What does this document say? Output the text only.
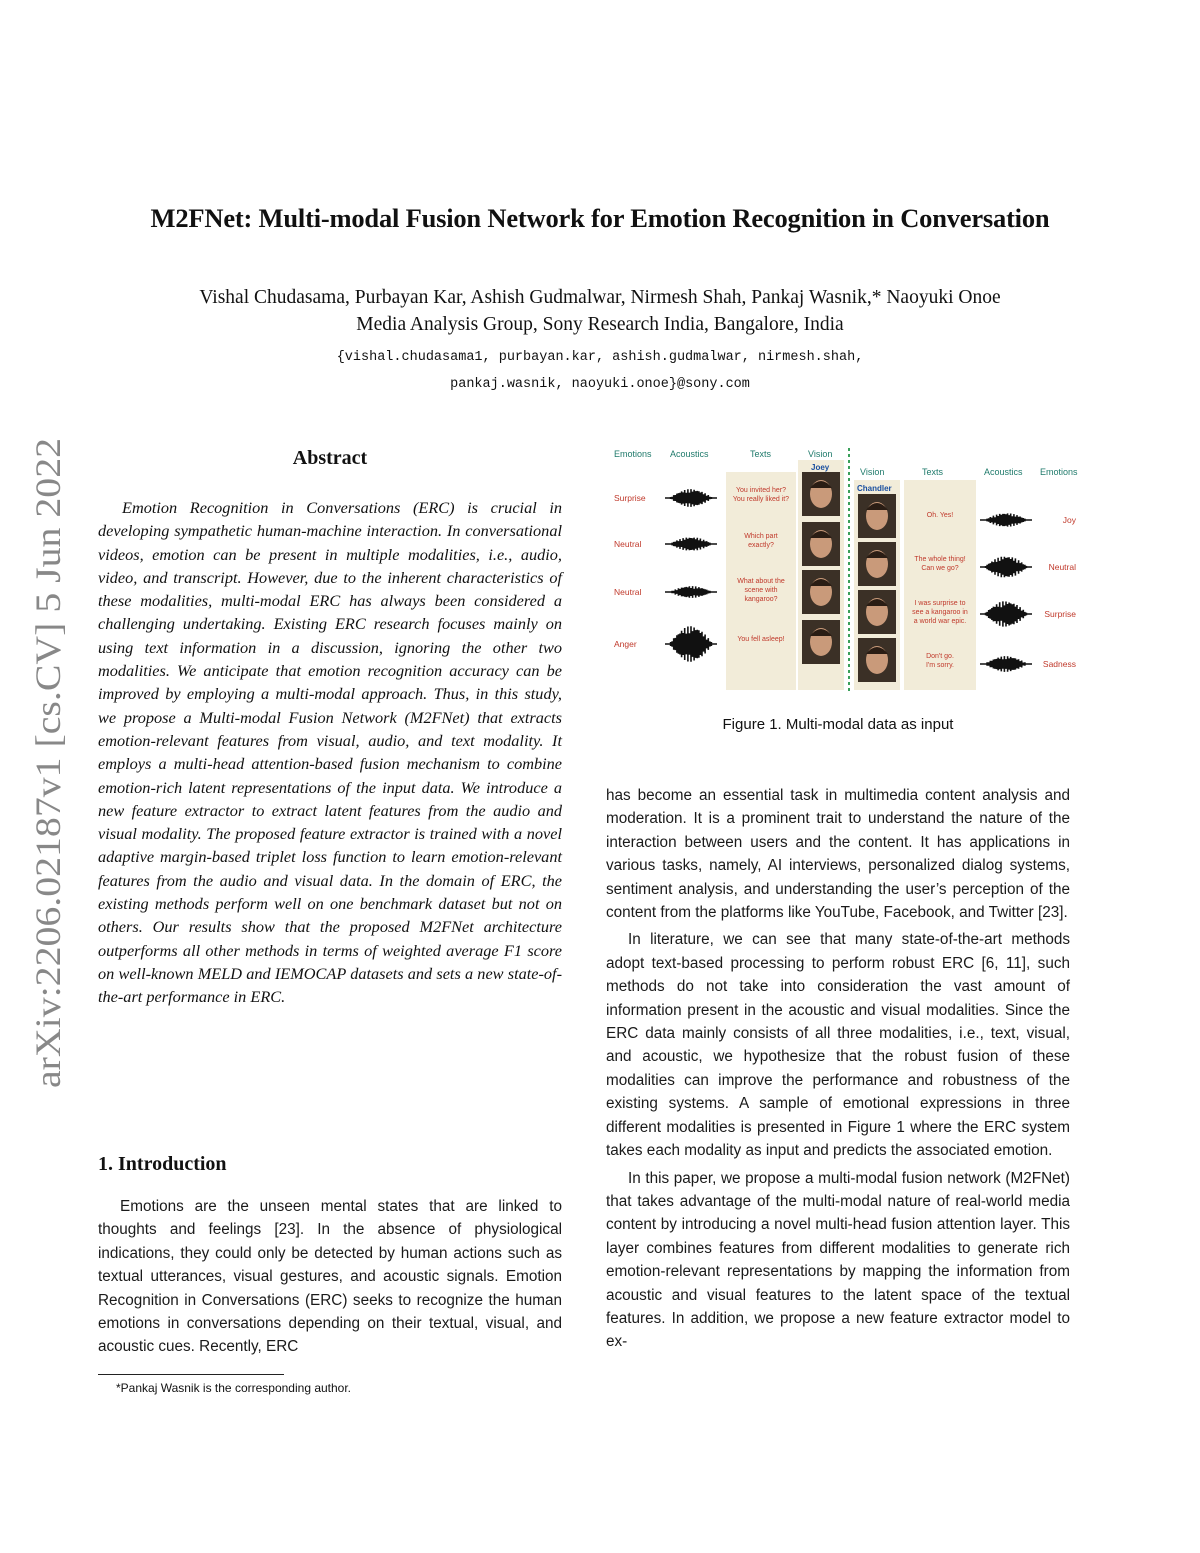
arXiv:2206.02187v1 [cs.CV] 5 Jun 2022
M2FNet: Multi-modal Fusion Network for Emotion Recognition in Conversation
Vishal Chudasama, Purbayan Kar, Ashish Gudmalwar, Nirmesh Shah, Pankaj Wasnik,* Naoyuki Onoe
Media Analysis Group, Sony Research India, Bangalore, India
{vishal.chudasama1, purbayan.kar, ashish.gudmalwar, nirmesh.shah,
pankaj.wasnik, naoyuki.onoe}@sony.com
Abstract

Emotion Recognition in Conversations (ERC) is crucial in developing sympathetic human-machine interaction. In conversational videos, emotion can be present in multiple modalities, i.e., audio, video, and transcript. However, due to the inherent characteristics of these modalities, multi-modal ERC has always been considered a challenging undertaking. Existing ERC research focuses mainly on using text information in a discussion, ignoring the other two modalities. We anticipate that emotion recognition accuracy can be improved by employing a multi-modal approach. Thus, in this study, we propose a Multi-modal Fusion Network (M2FNet) that extracts emotion-relevant features from visual, audio, and text modality. It employs a multi-head attention-based fusion mechanism to combine emotion-rich latent representations of the input data. We introduce a new feature extractor to extract latent features from the audio and visual modality. The proposed feature extractor is trained with a novel adaptive margin-based triplet loss function to learn emotion-relevant features from the audio and visual data. In the domain of ERC, the existing methods perform well on one benchmark dataset but not on others. Our results show that the proposed M2FNet architecture outperforms all other methods in terms of weighted average F1 score on well-known MELD and IEMOCAP datasets and sets a new state-of-the-art performance in ERC.

1. Introduction

Emotions are the unseen mental states that are linked to thoughts and feelings [23]. In the absence of physiological indications, they could only be detected by human actions such as textual utterances, visual gestures, and acoustic signals. Emotion Recognition in Conversations (ERC) seeks to recognize the human emotions in conversations depending on their textual, visual, and acoustic cues. Recently, ERC

*Pankaj Wasnik is the corresponding author.
Emotions Acoustics	Texts	Vision
Joey
Surprise
You invited her?
You really liked it?
Neutral
Which part
exactly?
Neutral
What about the
scene with
kangaroo?
Anger	You fell asleep!
Vision	Texts	Acoustics Emotions
Chandler
Oh. Yes!	Joy
The whole thing!
Can we go?	Neutral
I was surprise to
see a kangaroo in
a world war epic.
Surprise
Don't go.
I'm sorry.	Sadness
Figure 1. Multi-modal data as input

has become an essential task in multimedia content analysis and moderation. It is a prominent trait to understand the nature of the interaction between users and the content. It has applications in various tasks, namely, AI interviews, personalized dialog systems, sentiment analysis, and understanding the user’s perception of the content from the platforms like YouTube, Facebook, and Twitter [23].

In literature, we can see that many state-of-the-art methods adopt text-based processing to perform robust ERC [6, 11], such methods do not take into consideration the vast amount of information present in the acoustic and visual modalities. Since the ERC data mainly consists of all three modalities, i.e., text, visual, and acoustic, we hypothesize that the robust fusion of these modalities can improve the performance and robustness of the existing systems. A sample of emotional expressions in three different modalities is presented in Figure 1 where the ERC system takes each modality as input and predicts the associated emotion.

In this paper, we propose a multi-modal fusion network (M2FNet) that takes advantage of the multi-modal nature of real-world media content by introducing a novel multi-head fusion attention layer. This layer combines features from different modalities to generate rich emotion-relevant representations by mapping the information from acoustic and visual features to the latent space of the textual features. In addition, we propose a new feature extractor model to ex-
